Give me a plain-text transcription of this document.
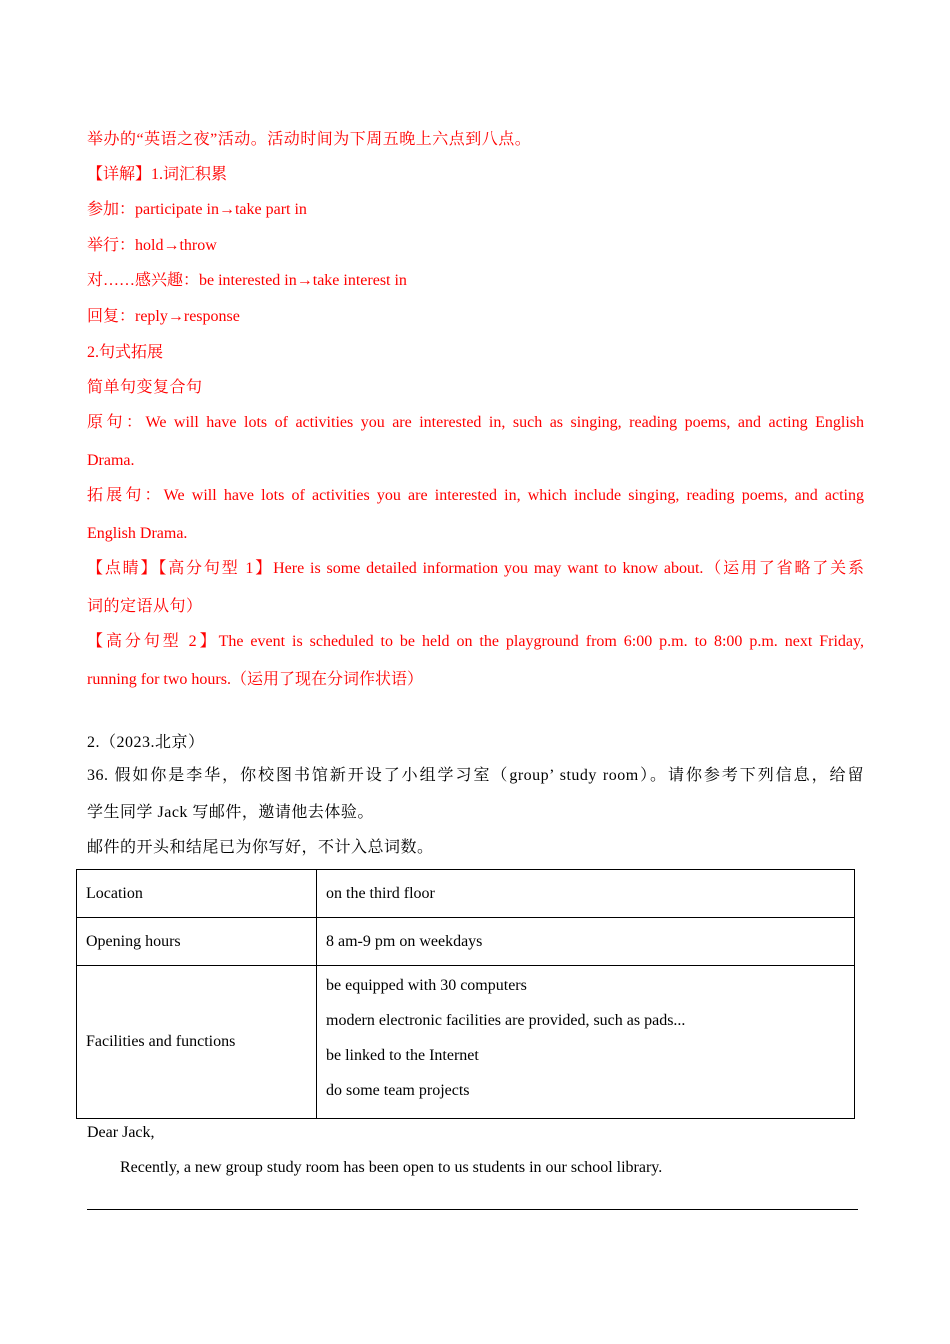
举办的“英语之夜”活动。活动时间为下周五晚上六点到八点。
【详解】1.词汇积累
参加：participate in→take part in
举行：hold→throw
对……感兴趣：be interested in→take interest in
回复：reply→response
2.句式拓展
简单句变复合句
原句：We will have lots of activities you are interested in, such as singing, reading poems, and acting English
Drama.
拓展句：We will have lots of activities you are interested in, which include singing, reading poems, and acting
English Drama.
【点睛】【高分句型 1】Here is some detailed information you may want to know about.（运用了省略了关系
词的定语从句）
【高分句型 2】The event is scheduled to be held on the playground from 6:00 p.m. to 8:00 p.m. next Friday,
running for two hours.（运用了现在分词作状语）
2.（2023.北京）
36. 假如你是李华，你校图书馆新开设了小组学习室（group’ study room）。请你参考下列信息，给留
学生同学 Jack 写邮件，邀请他去体验。
邮件的开头和结尾已为你写好，不计入总词数。
Location	on the third floor
Opening hours	8 am-9 pm on weekdays
Facilities and functions	be equipped with 30 computers
modern electronic facilities are provided, such as pads...
be linked to the Internet
do some team projects
Dear Jack,
Recently, a new group study room has been open to us students in our school library.
